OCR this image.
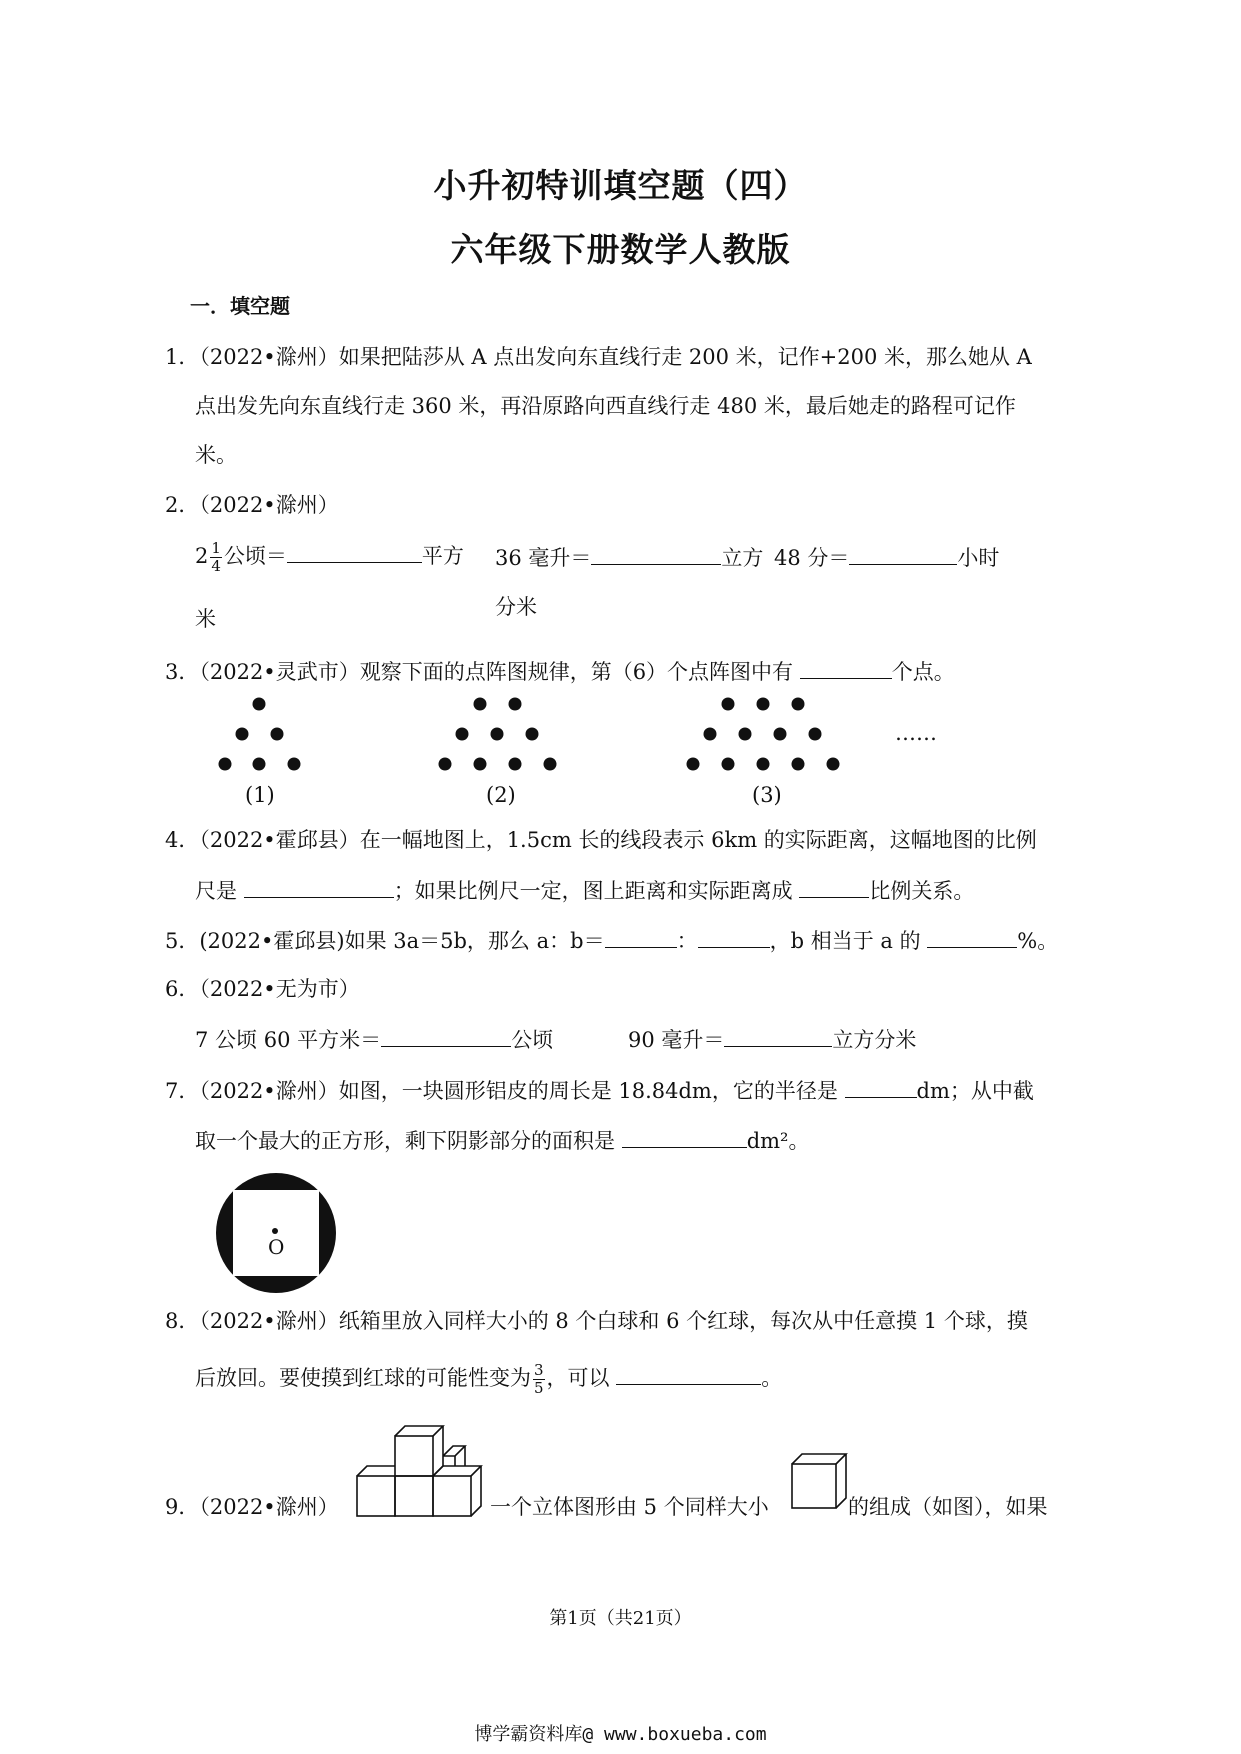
小升初特训填空题（四）
六年级下册数学人教版
一．填空题
1．（2022•滁州）如果把陆莎从 A 点出发向东直线行走 200 米，记作+200 米，那么她从 A
点出发先向东直线行走 360 米，再沿原路向西直线行走 480 米，最后她走的路程可记作
米。
2．（2022•滁州）
$2 \frac{1}{4}$ 公顷＝	平方
米
36 毫升＝	立方
分米
48 分＝	小时
3．（2022•灵武市）观察下面的点阵图规律，第（6）个点阵图中有	个点。
(1)	(2)	(3)
……
4．（2022•霍邱县）在一幅地图上，1.5cm 长的线段表示 6km 的实际距离，这幅地图的比例
尺是	；如果比例尺一定，图上距离和实际距离成	比例关系。
5．(2022•霍邱县)如果 3a＝5b，那么 a：b＝	：	，b 相当于 a 的	%。
6．（2022•无为市）
7 公顷 60 平方米＝	公顷	90 毫升＝	立方分米
7．（2022•滁州）如图，一块圆形铝皮的周长是 18.84dm，它的半径是	dm；从中截
取一个最大的正方形，剩下阴影部分的面积是	dm²。
O
8．（2022•滁州）纸箱里放入同样大小的 8 个白球和 6 个红球，每次从中任意摸 1 个球，摸
后放回。要使摸到红球的可能性变为 $\frac{3}{5}$ ，可以	。
9．（2022•滁州）	一个立体图形由 5 个同样大小	的组成（如图），如果
第1页（共21页）
博学霸资料库@ www.boxueba.com
